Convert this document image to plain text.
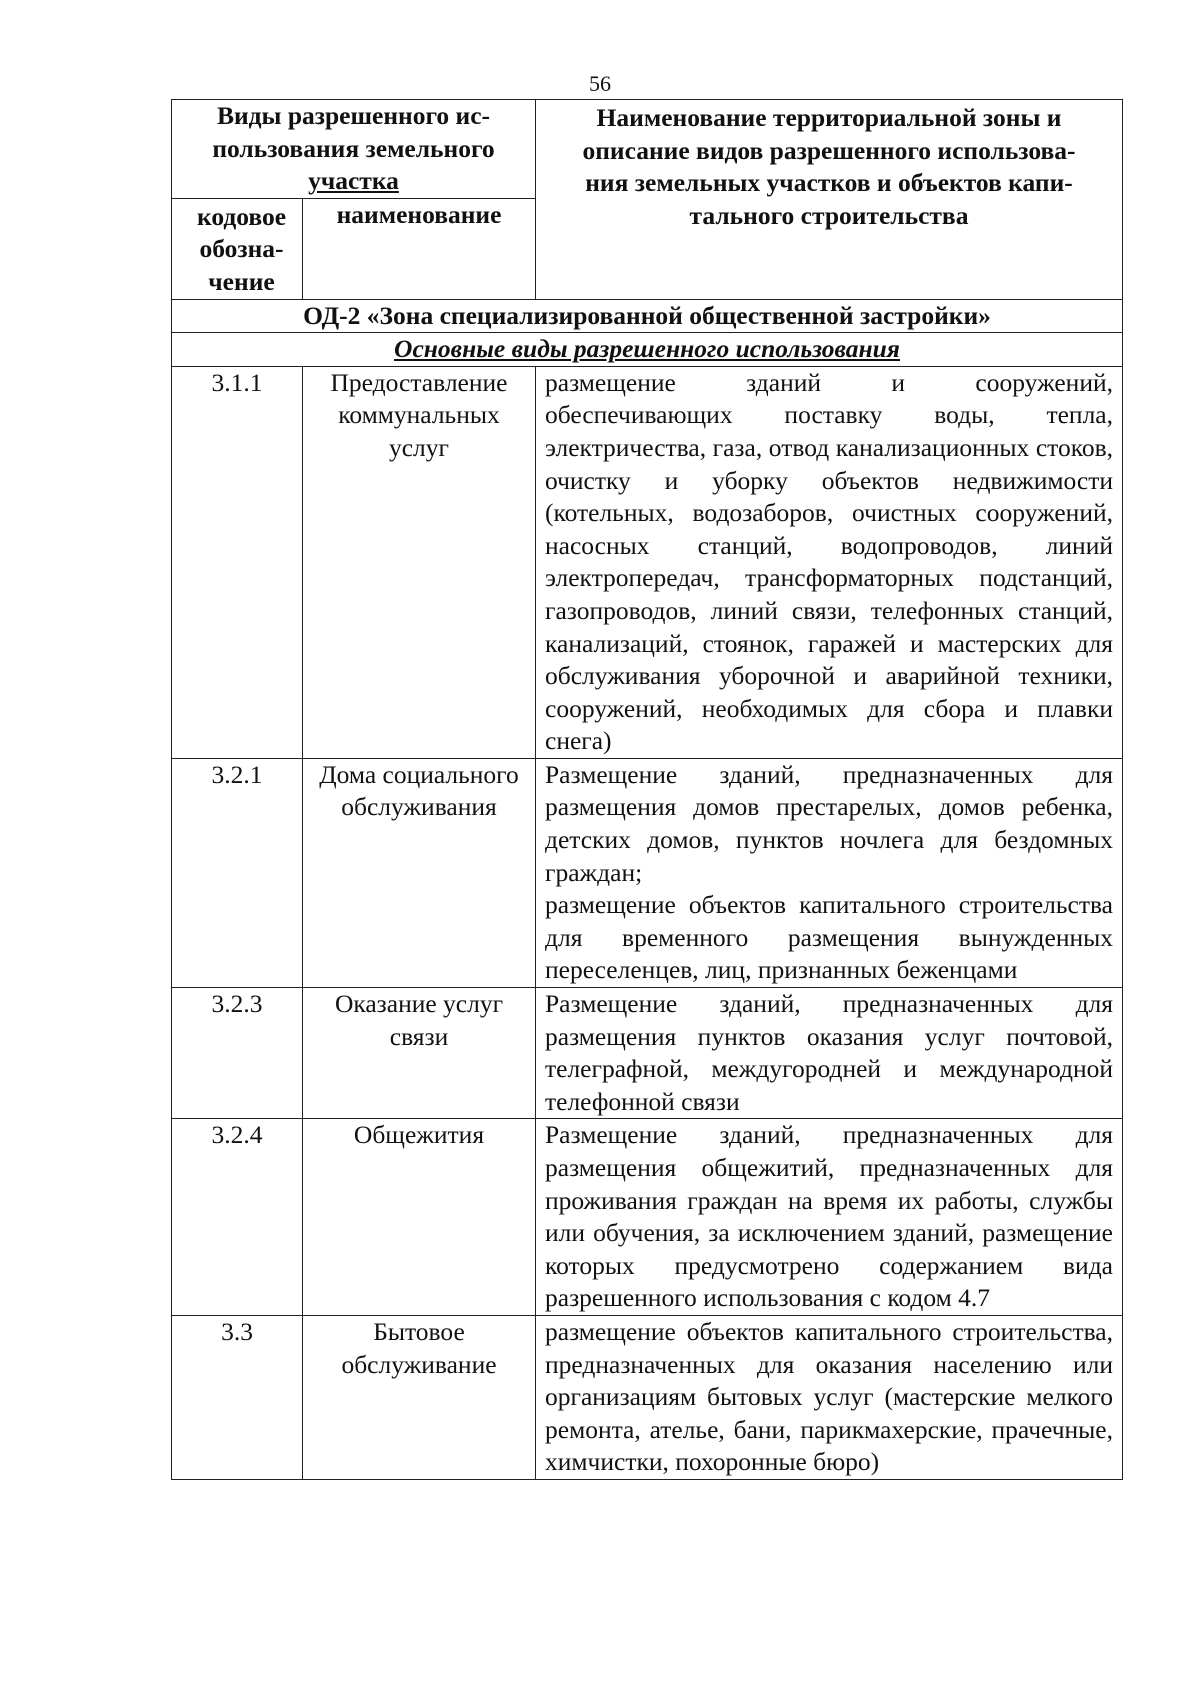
56
Виды разрешенного ис-
пользования земельного
участка		Наименование территориальной зоны и
описание видов разрешенного использова-
ния земельных участков и объектов капи-
тального строительства

кодовое
обозна-
чение	наименование	
ОД-2 «Зона специализированной общественной застройки»		
Основные виды разрешенного использования		
3.1.1	Предоставление коммунальных услуг	размещение зданий и сооружений, обеспечивающих поставку воды, тепла, электричества, газа, отвод канализационных стоков, очистку и уборку объектов недвижимости (котельных, водозаборов, очистных сооружений, насосных станций, водопроводов, линий электропередач, трансформаторных подстанций, газопроводов, линий связи, телефонных станций, канализаций, стоянок, гаражей и мастерских для обслуживания уборочной и аварийной техники, сооружений, необходимых для сбора и плавки снега)
3.2.1	Дома социального обслуживания	Размещение зданий, предназначенных для размещения домов престарелых, домов ребенка, детских домов, пунктов ночлега для бездомных граждан;
размещение объектов капитального строительства для временного размещения вынужденных переселенцев, лиц, признанных беженцами
3.2.3	Оказание услуг связи	Размещение зданий, предназначенных для размещения пунктов оказания услуг почтовой, телеграфной, междугородней и международной телефонной связи
3.2.4	Общежития	Размещение зданий, предназначенных для размещения общежитий, предназначенных для проживания граждан на время их работы, службы или обучения, за исключением зданий, размещение которых предусмотрено содержанием вида разрешенного использования с кодом 4.7
3.3	Бытовое обслуживание	размещение объектов капитального строительства, предназначенных для оказания населению или организациям бытовых услуг (мастерские мелкого ремонта, ателье, бани, парикмахерские, прачечные, химчистки, похоронные бюро)
